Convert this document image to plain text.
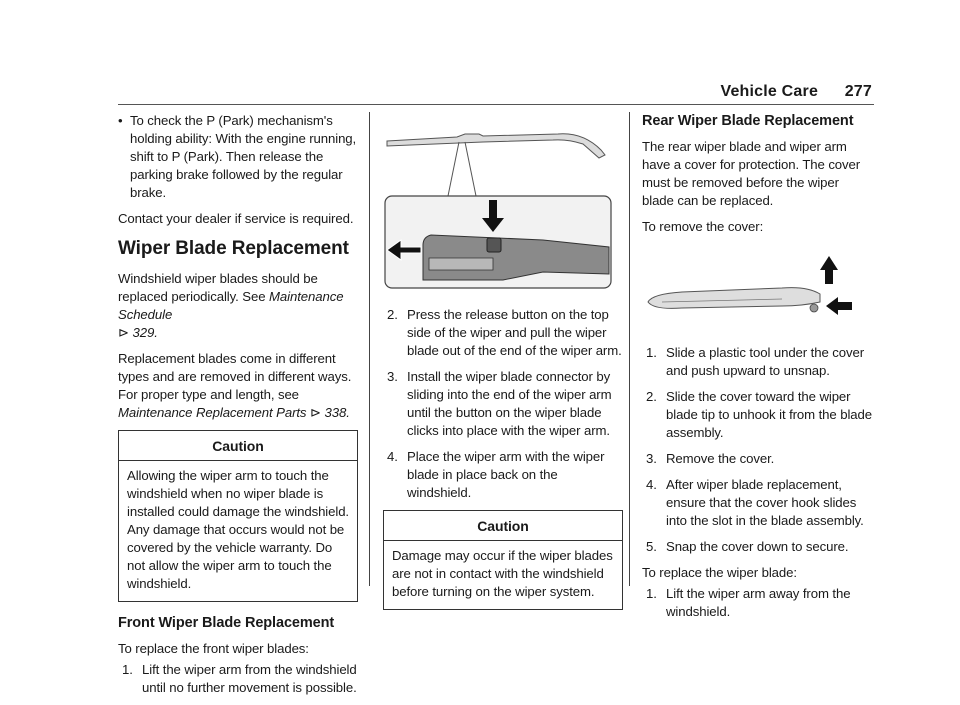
Vehicle Care 277
• To check the P (Park) mechanism's holding ability: With the engine running, shift to P (Park). Then release the parking brake followed by the regular brake.

Contact your dealer if service is required.

Wiper Blade Replacement

Windshield wiper blades should be replaced periodically. See Maintenance Schedule
⊳ 329.

Replacement blades come in different types and are removed in different ways. For proper type and length, see Maintenance Replacement Parts ⊳ 338.

Caution
Allowing the wiper arm to touch the windshield when no wiper blade is installed could damage the windshield. Any damage that occurs would not be covered by the vehicle warranty. Do not allow the wiper arm to touch the windshield.
Front Wiper Blade Replacement

To replace the front wiper blades:

1. Lift the wiper arm from the windshield until no further movement is possible.
2. Press the release button on the top side of the wiper and pull the wiper blade out of the end of the wiper arm.
3. Install the wiper blade connector by sliding into the end of the wiper arm until the button on the wiper blade clicks into place with the wiper arm.
4. Place the wiper arm with the wiper blade in place back on the windshield.
Caution
Damage may occur if the wiper blades are not in contact with the windshield before turning on the wiper system.
Rear Wiper Blade Replacement

The rear wiper blade and wiper arm have a cover for protection. The cover must be removed before the wiper blade can be replaced.

To remove the cover:

1. Slide a plastic tool under the cover and push upward to unsnap.
2. Slide the cover toward the wiper blade tip to unhook it from the blade assembly.
3. Remove the cover.
4. After wiper blade replacement, ensure that the cover hook slides into the slot in the blade assembly.
5. Snap the cover down to secure.

To replace the wiper blade:

1. Lift the wiper arm away from the windshield.
